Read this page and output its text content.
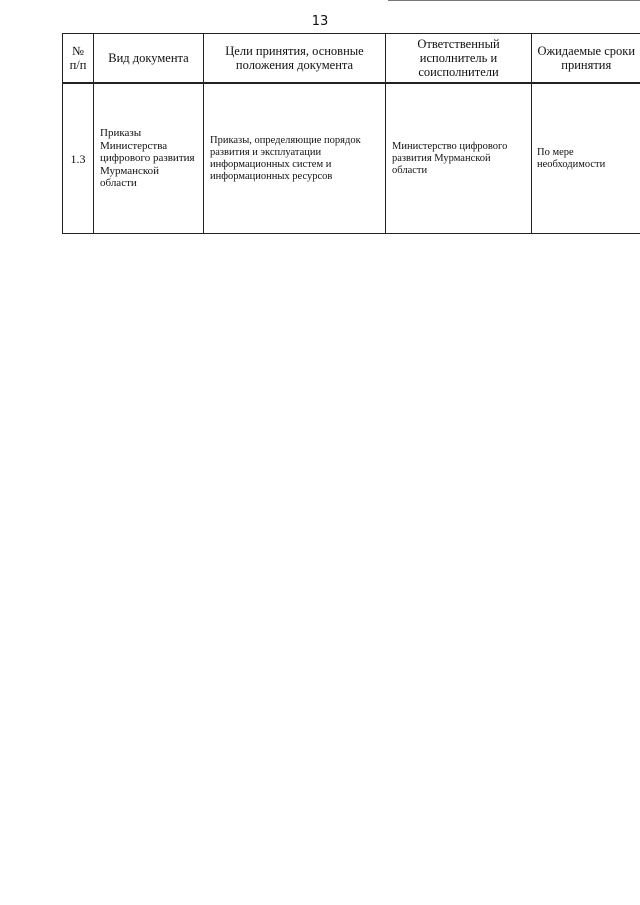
13
№ п/п	Вид документа	Цели принятия, основные положения документа	Ответственный исполнитель и соисполнители	Ожидаемые сроки принятия
1.3	Приказы Министерства цифрового развития Мурманской области	Приказы, определяющие порядок развития и эксплуатации информационных систем и информационных ресурсов	Министерство цифрового развития Мурманской области	По мере необходимости
